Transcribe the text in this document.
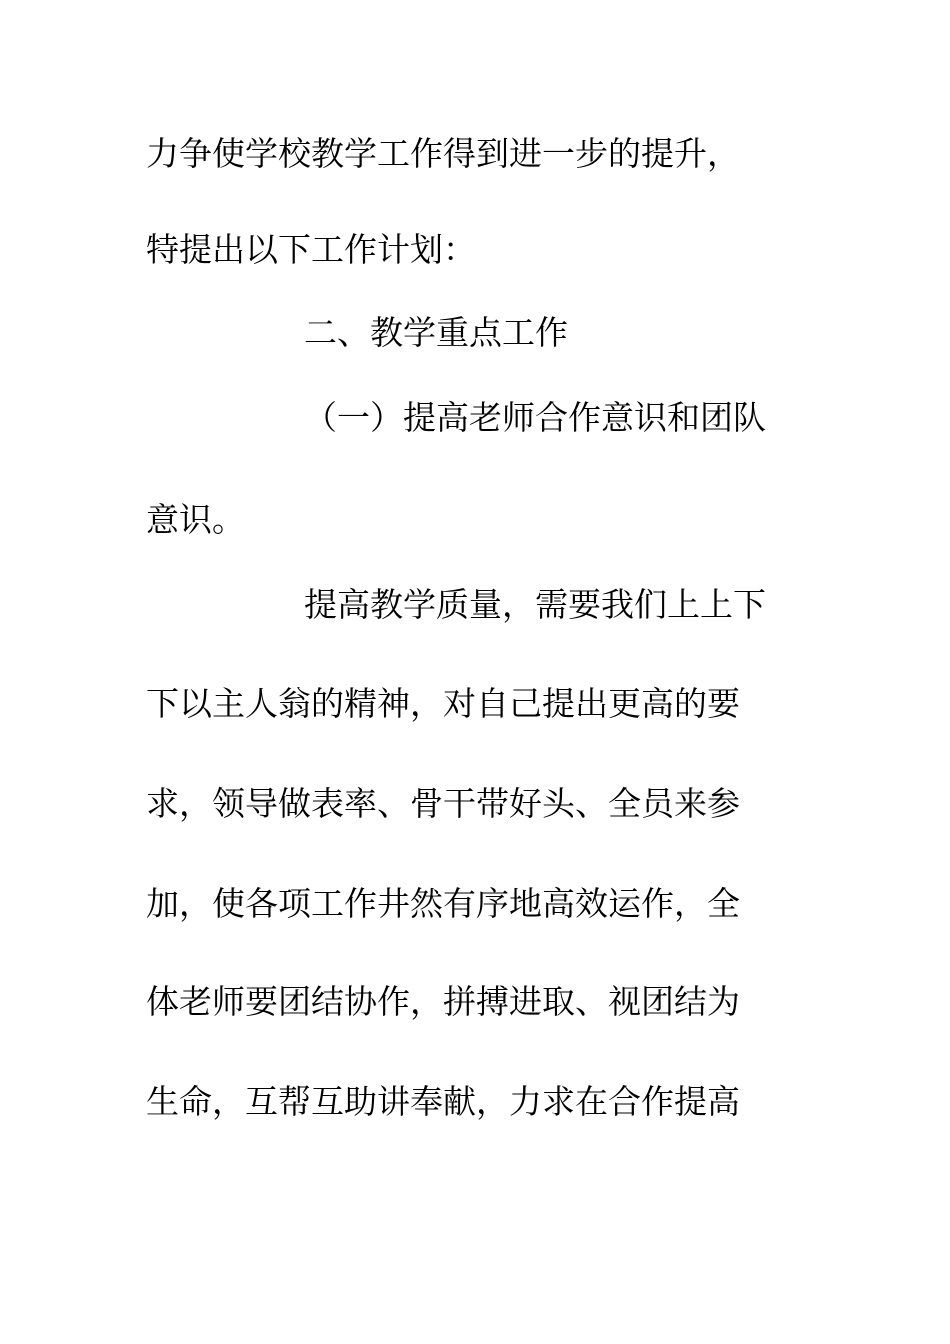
力争使学校教学工作得到进一步的提升，
特提出以下工作计划：
二、教学重点工作
（一）提高老师合作意识和团队
意识。
提高教学质量，需要我们上上下
下以主人翁的精神，对自己提出更高的要
求，领导做表率、骨干带好头、全员来参
加，使各项工作井然有序地高效运作，全
体老师要团结协作，拼搏进取、视团结为
生命，互帮互助讲奉献，力求在合作提高
